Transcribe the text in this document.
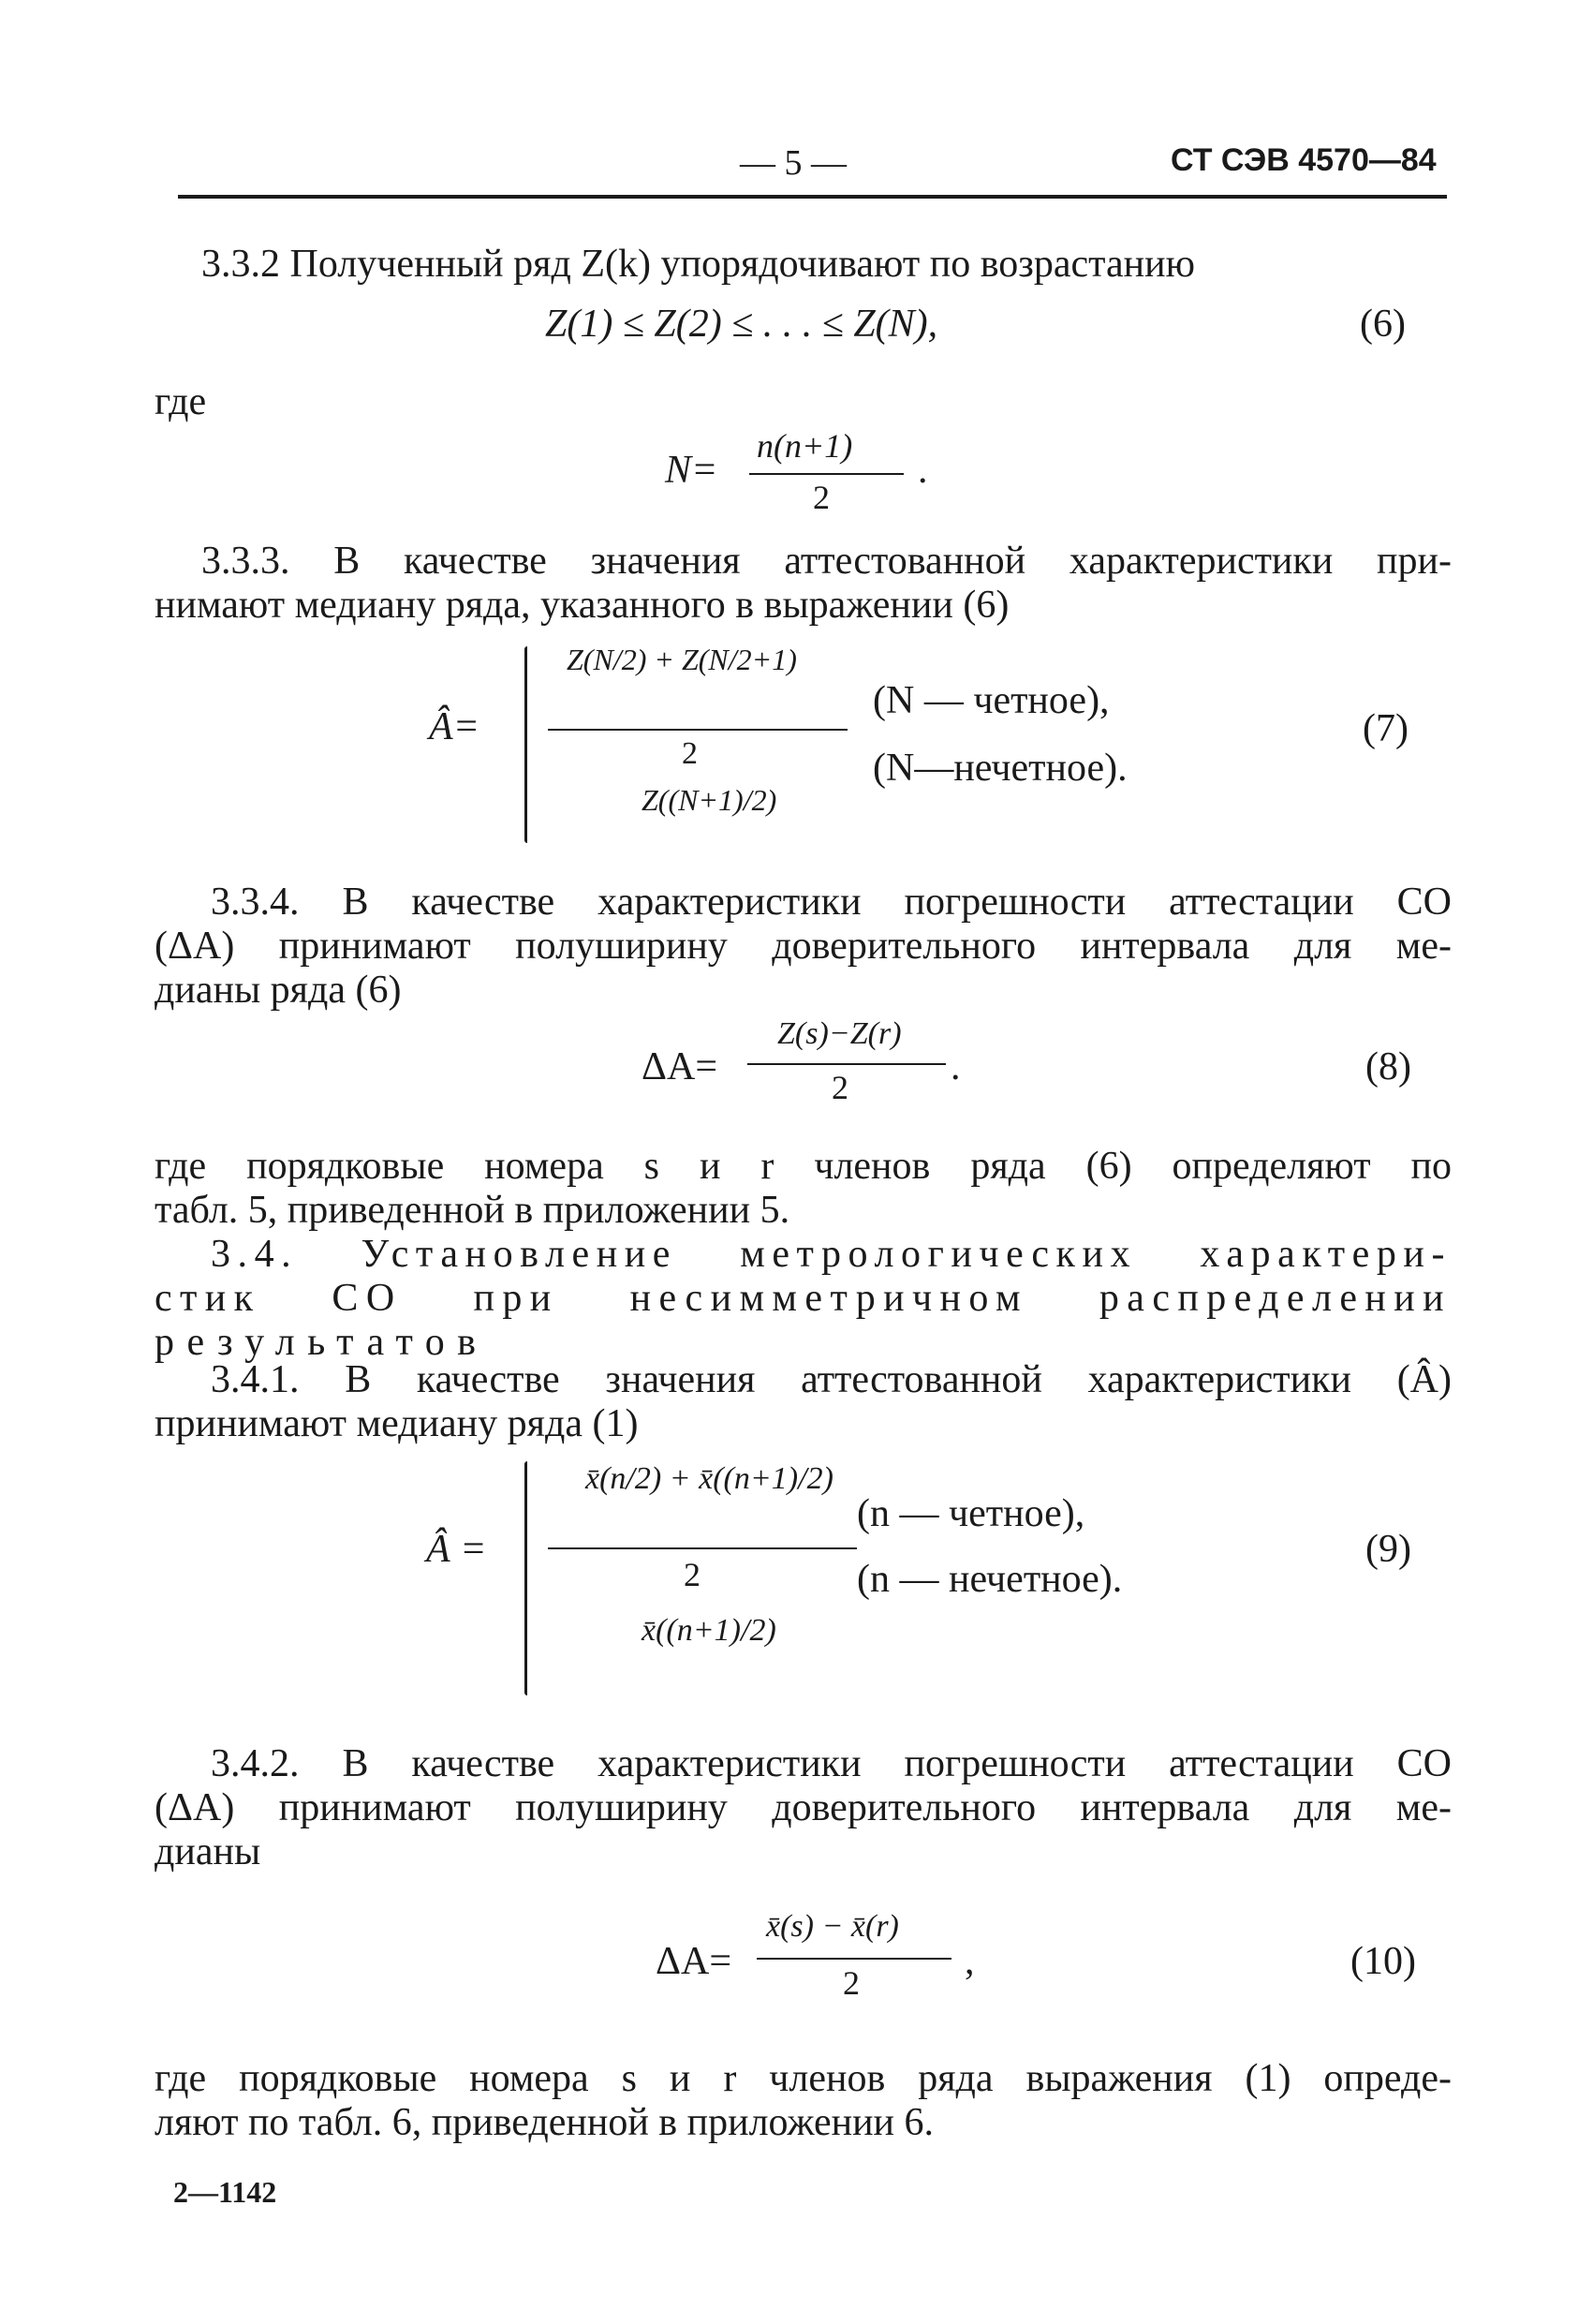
— 5 —	СТ СЭВ 4570—84
3.3.2 Полученный ряд Z(k) упорядочивают по возрастанию
Z(1) ≤ Z(2) ≤ . . . ≤ Z(N),	(6)
где
N=
n(n+1)
2
.
3.3.3. В качестве значения аттестованной характеристики при-
нимают медиану ряда, указанного в выражении (6)
Â=
Z(N/2) + Z(N/2+1)
2
Z((N+1)/2)
(N — четное),
(N—нечетное).
(7)
3.3.4. В качестве характеристики погрешности аттестации СО
(ΔA) принимают полуширину доверительного интервала для ме-
дианы ряда (6)
ΔA=
Z(s)−Z(r)
2	.	(8)
где порядковые номера s и r членов ряда (6) определяют по
табл. 5, приведенной в приложении 5.
3.4. Установление метрологических характери-
стик СО при несимметричном распределении
результатов
3.4.1. В качестве значения аттестованной характеристики (Â)
принимают медиану ряда (1)
Â =
x̄(n/2) + x̄((n+1)/2)
2
x̄((n+1)/2)
(n — четное),
(n — нечетное).
(9)
3.4.2. В качестве характеристики погрешности аттестации СО
(ΔA) принимают полуширину доверительного интервала для ме-
дианы
ΔA=
x̄(s) − x̄(r)
2	,	(10)
где порядковые номера s и r членов ряда выражения (1) опреде-
ляют по табл. 6, приведенной в приложении 6.
2—1142
